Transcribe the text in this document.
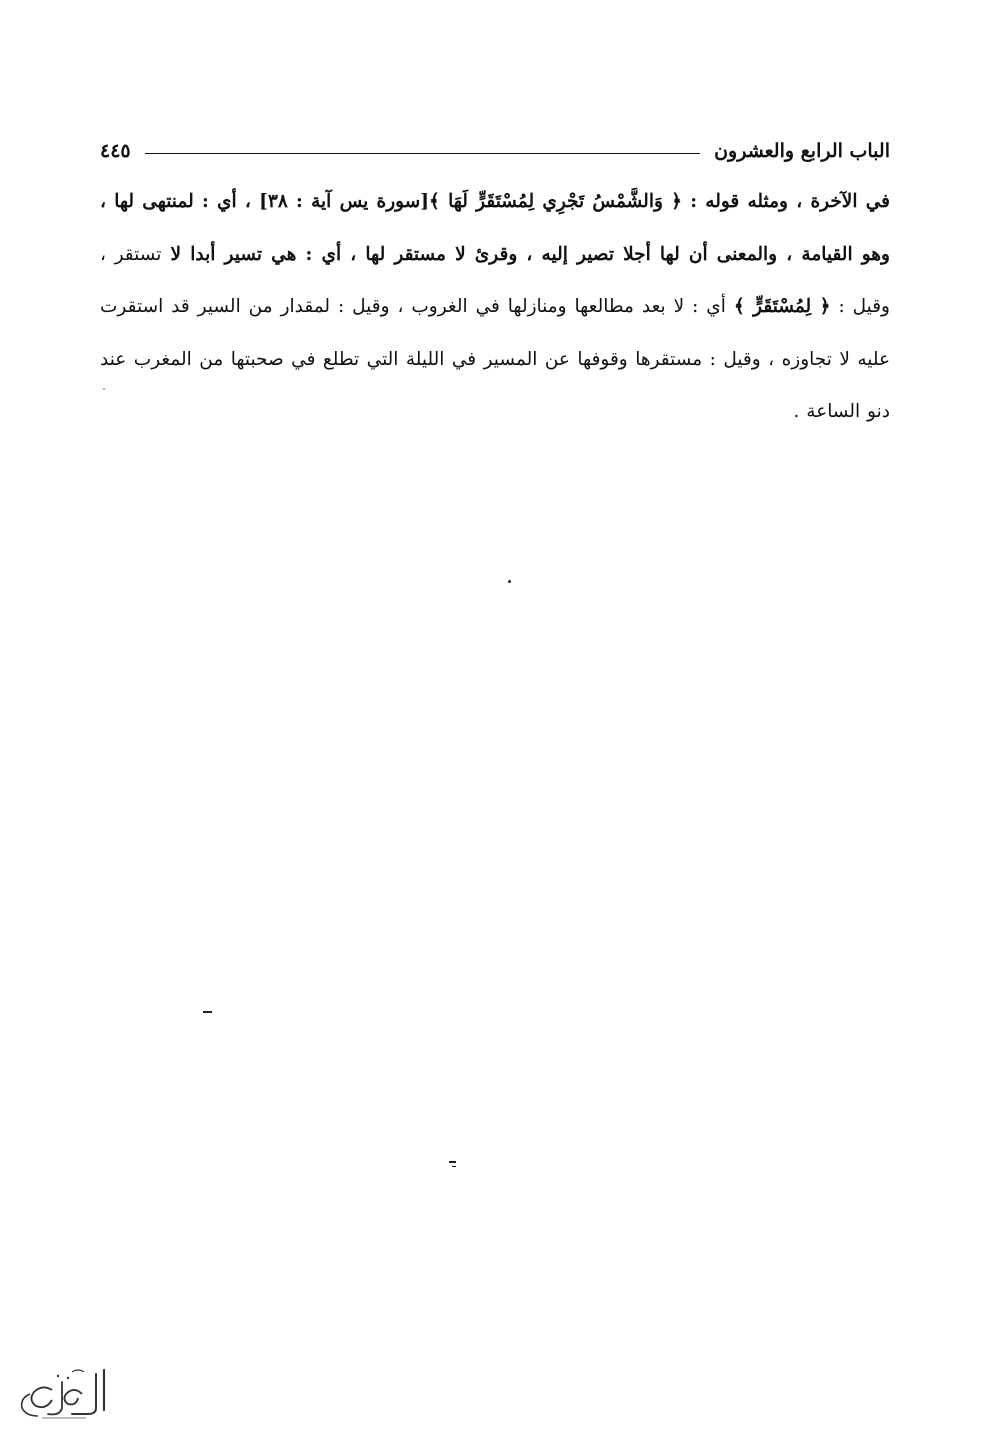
الباب الرابع والعشرون
٤٤٥
في الآخرة ، ومثله قوله : ﴿ وَالشَّمْسُ تَجْرِي لِمُسْتَقَرٍّ لَهَا ﴾[سورة يس آية : ٣٨] ، أي : لمنتهى لها ، وهو القيامة ، والمعنى أن لها أجلا تصير إليه ، وقرئ لا مستقر لها ، أي : هي تسير أبدا لا تستقر ، وقيل : ﴿ لِمُسْتَقَرٍّ ﴾ أي : لا بعد مطالعها ومنازلها في الغروب ، وقيل : لمقدار من السير قد استقرت عليه لا تجاوزه ، وقيل : مستقرها وقوفها عن المسير في الليلة التي تطلع في صحبتها من المغرب عند دنو الساعة .
